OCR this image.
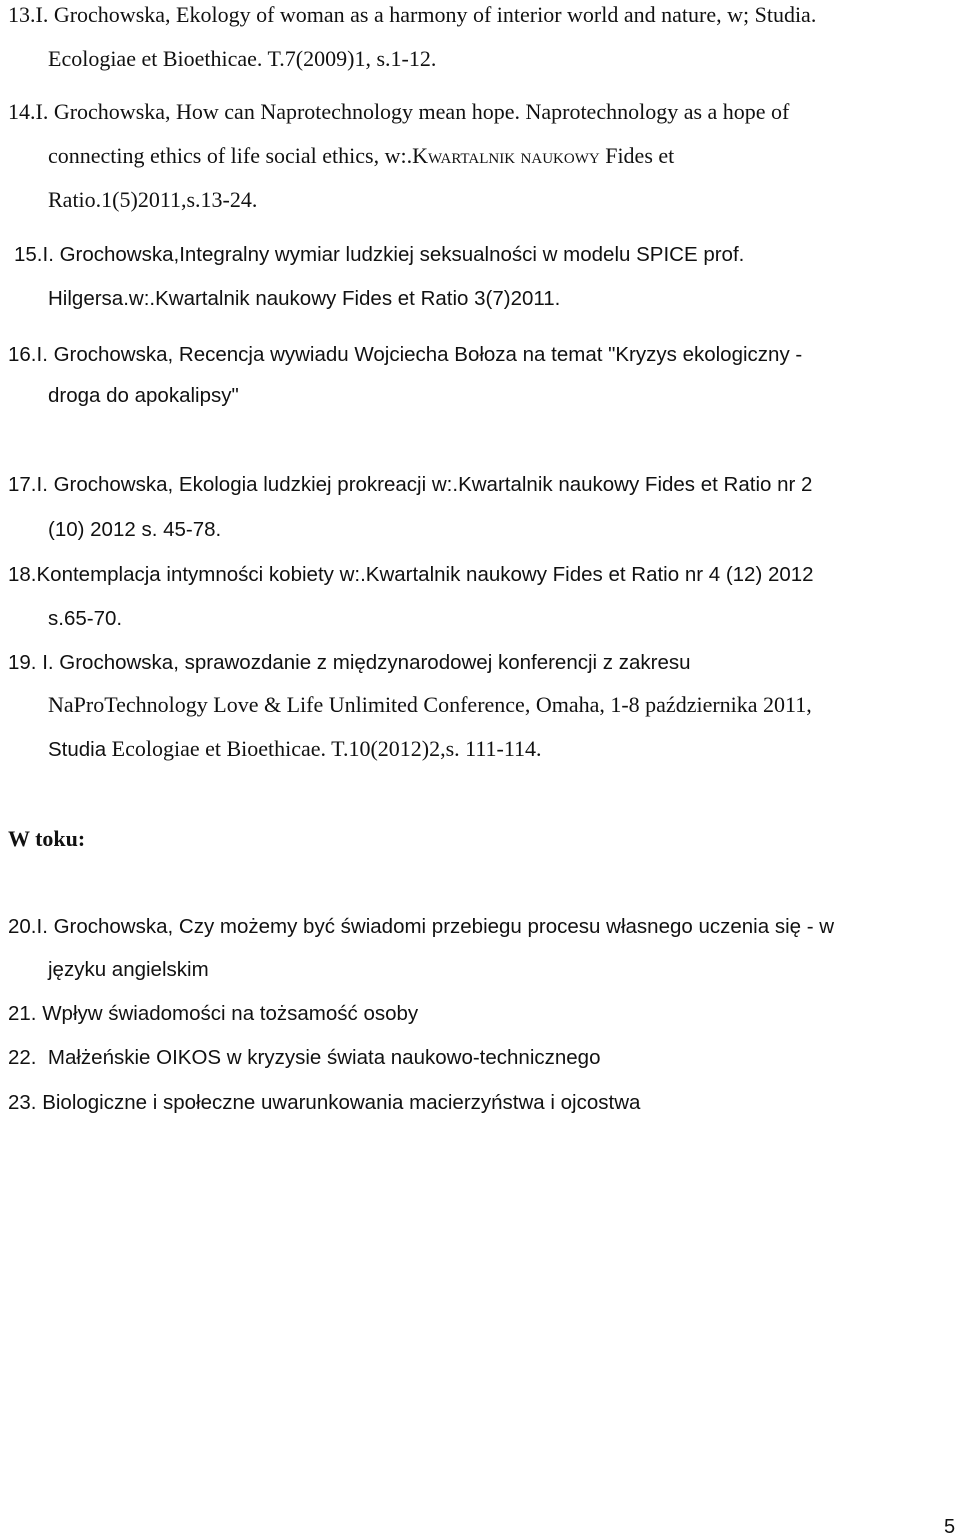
13.I. Grochowska, Ekology of woman as a harmony of interior world and nature, w; Studia.
Ecologiae et Bioethicae. T.7(2009)1, s.1-12.
14.I. Grochowska, How can Naprotechnology mean hope. Naprotechnology as a hope of
connecting ethics of life social ethics, w:.Kwartalnik naukowy Fides et
Ratio.1(5)2011,s.13-24.
15.I. Grochowska,Integralny wymiar ludzkiej seksualności w modelu SPICE prof.
Hilgersa.w:.Kwartalnik naukowy Fides et Ratio 3(7)2011.
16.I. Grochowska, Recencja wywiadu Wojciecha Bołoza na temat "Kryzys ekologiczny -
droga do apokalipsy"
17.I. Grochowska, Ekologia ludzkiej prokreacji w:.Kwartalnik naukowy Fides et Ratio nr 2
(10) 2012 s. 45-78.
18.Kontemplacja intymności kobiety w:.Kwartalnik naukowy Fides et Ratio nr 4 (12) 2012
s.65-70.
19. I. Grochowska, sprawozdanie z międzynarodowej konferencji z zakresu
NaProTechnology Love & Life Unlimited Conference, Omaha, 1-8 października 2011,
Studia Ecologiae et Bioethicae. T.10(2012)2,s. 111-114.
W toku:
20.I. Grochowska, Czy możemy być świadomi przebiegu procesu własnego uczenia się - w
języku angielskim
21. Wpływ świadomości na tożsamość osoby
22.  Małżeńskie OIKOS w kryzysie świata naukowo-technicznego
23. Biologiczne i społeczne uwarunkowania macierzyństwa i ojcostwa
5
